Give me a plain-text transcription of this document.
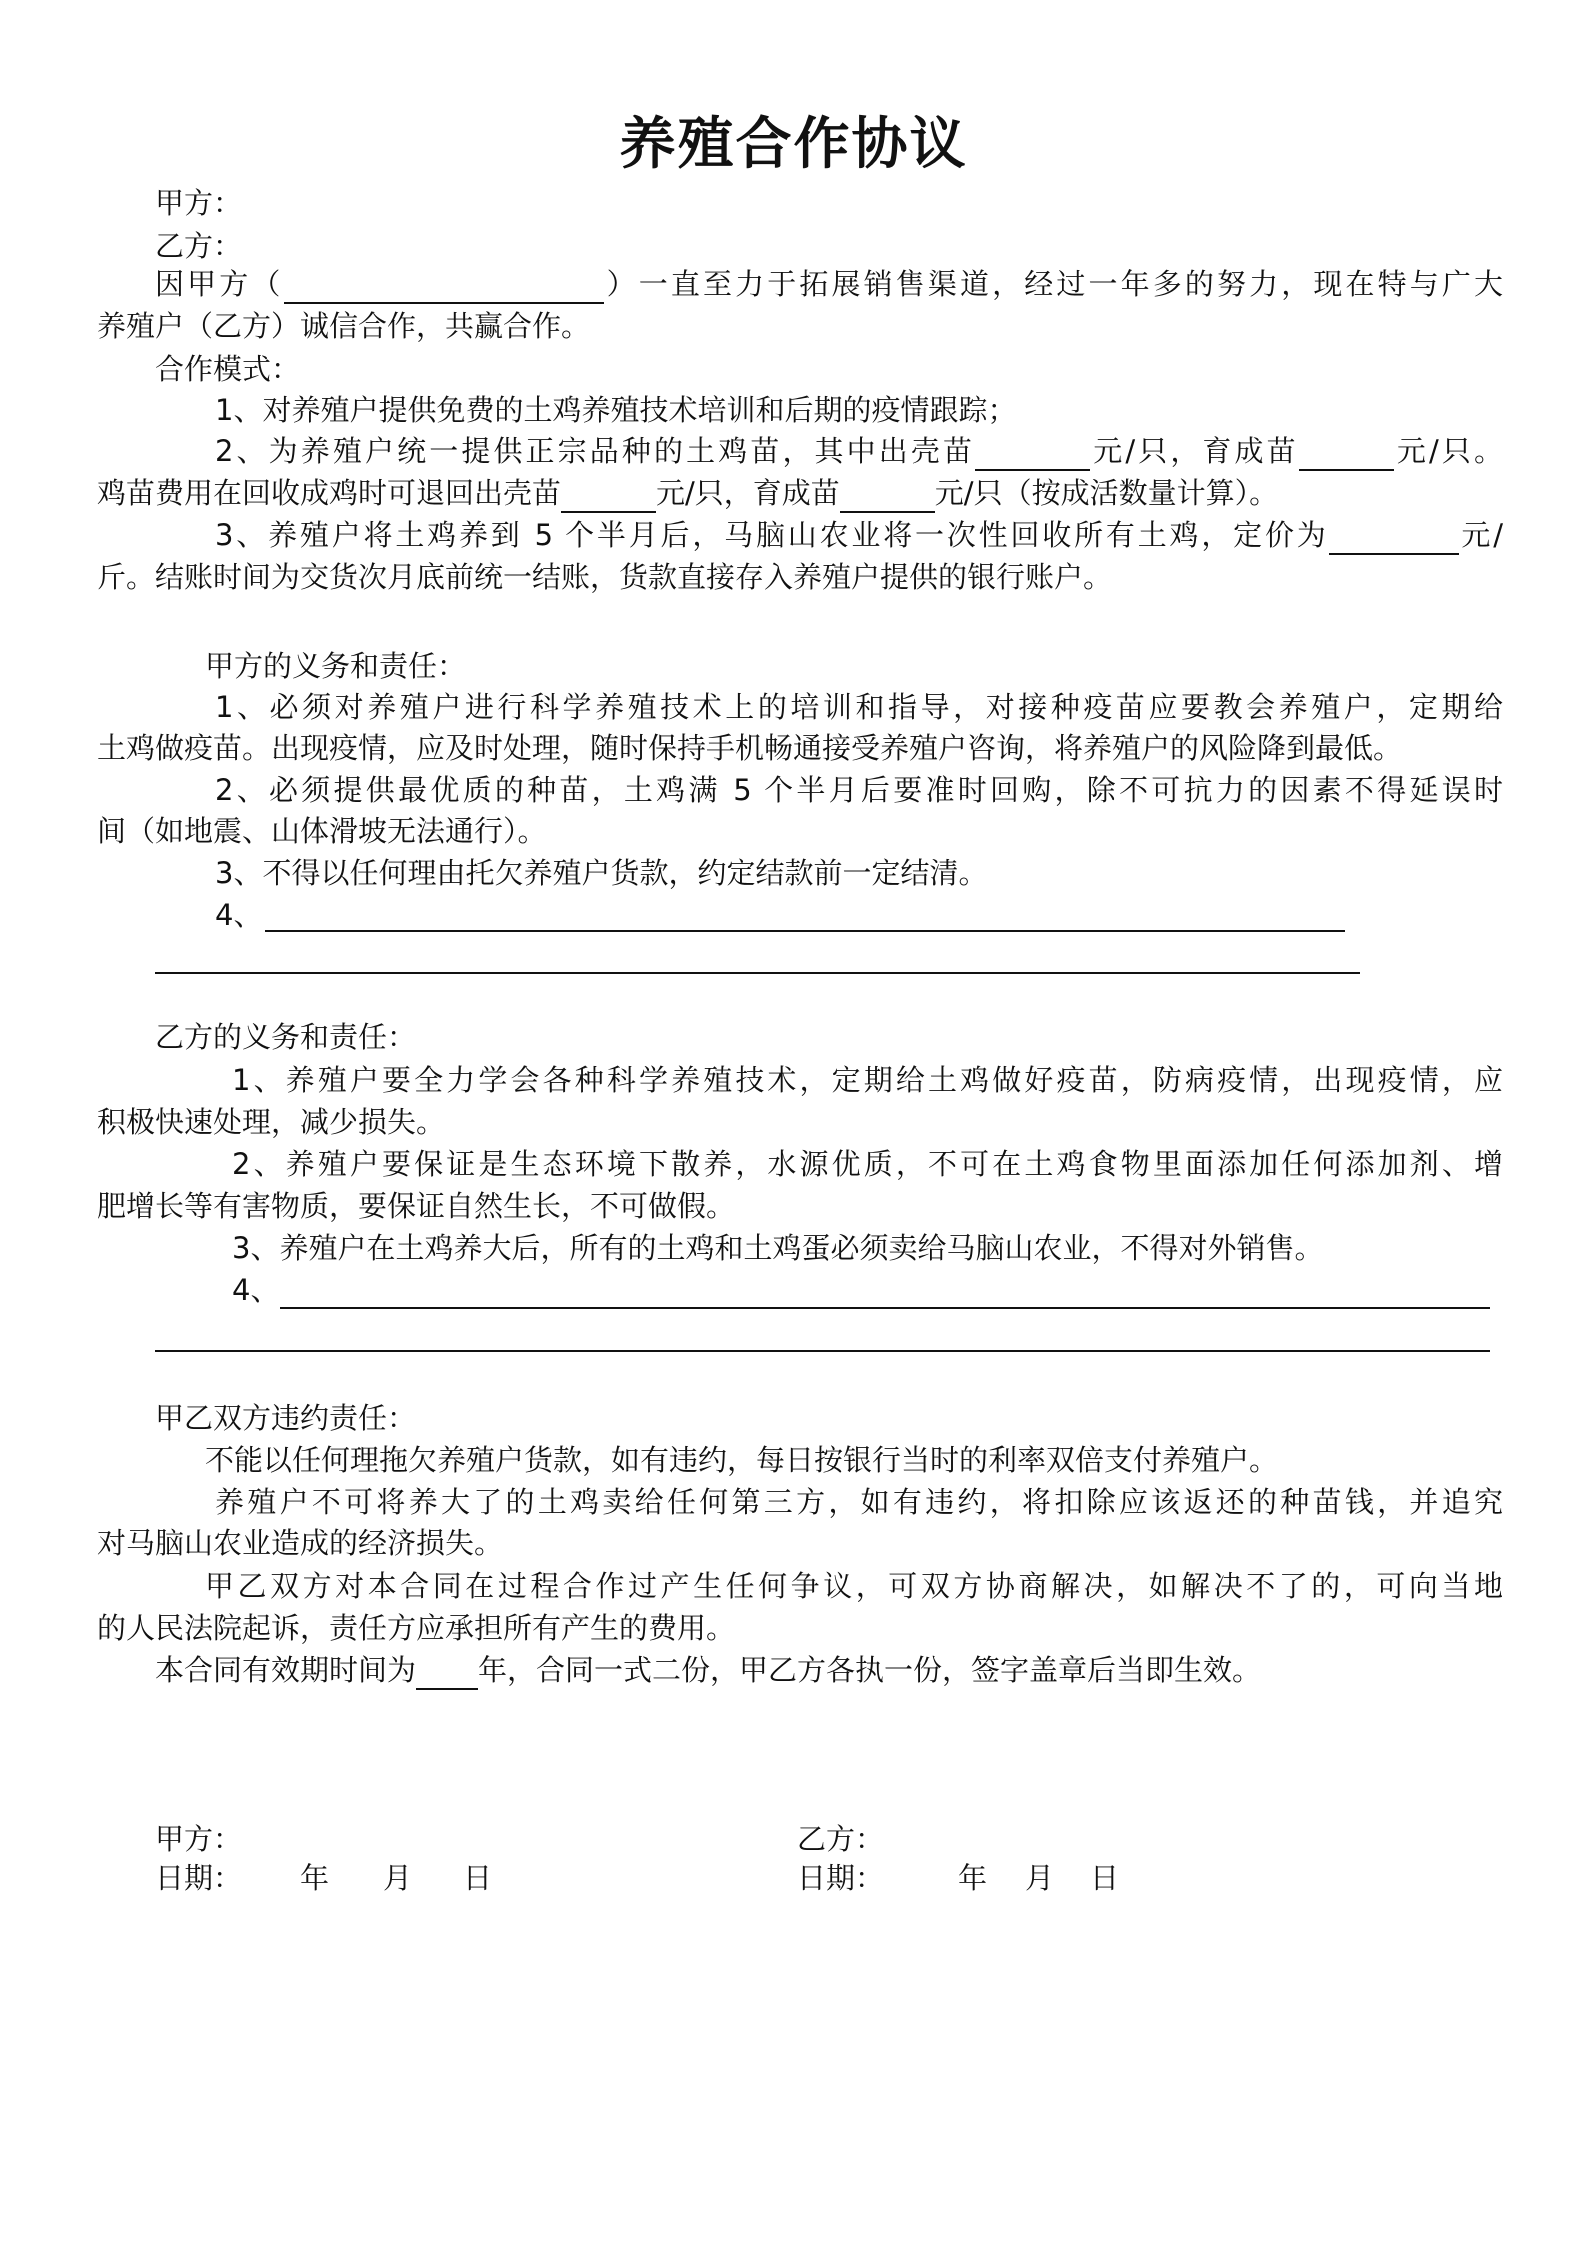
养殖合作协议
甲方：
乙方：
因甲方（	）一直至力于拓展销售渠道，经过一年多的努力，现在特与广大
养殖户（乙方）诚信合作，共赢合作。
合作模式：
1、对养殖户提供免费的土鸡养殖技术培训和后期的疫情跟踪；
2、为养殖户统一提供正宗品种的土鸡苗，其中出壳苗	元/只，育成苗	元/只。
鸡苗费用在回收成鸡时可退回出壳苗	元/只，育成苗	元/只（按成活数量计算）。
3、养殖户将土鸡养到 5 个半月后，马脑山农业将一次性回收所有土鸡，定价为	元/
斤。结账时间为交货次月底前统一结账，货款直接存入养殖户提供的银行账户。
甲方的义务和责任：
1、必须对养殖户进行科学养殖技术上的培训和指导，对接种疫苗应要教会养殖户，定期给
土鸡做疫苗。出现疫情，应及时处理，随时保持手机畅通接受养殖户咨询，将养殖户的风险降到最低。
2、必须提供最优质的种苗，土鸡满 5 个半月后要准时回购，除不可抗力的因素不得延误时
间（如地震、山体滑坡无法通行）。
3、不得以任何理由托欠养殖户货款，约定结款前一定结清。
4、
乙方的义务和责任：
1、养殖户要全力学会各种科学养殖技术，定期给土鸡做好疫苗，防病疫情，出现疫情，应
积极快速处理，减少损失。
2、养殖户要保证是生态环境下散养，水源优质，不可在土鸡食物里面添加任何添加剂、增
肥增长等有害物质，要保证自然生长，不可做假。
3、养殖户在土鸡养大后，所有的土鸡和土鸡蛋必须卖给马脑山农业，不得对外销售。
4、
甲乙双方违约责任：
不能以任何理拖欠养殖户货款，如有违约，每日按银行当时的利率双倍支付养殖户。
养殖户不可将养大了的土鸡卖给任何第三方，如有违约，将扣除应该返还的种苗钱，并追究
对马脑山农业造成的经济损失。
甲乙双方对本合同在过程合作过产生任何争议，可双方协商解决，如解决不了的，可向当地
的人民法院起诉，责任方应承担所有产生的费用。
本合同有效期时间为 年，合同一式二份，甲乙方各执一份，签字盖章后当即生效。
甲方：	乙方：
日期： 年 月 日	日期：	年 月 日
